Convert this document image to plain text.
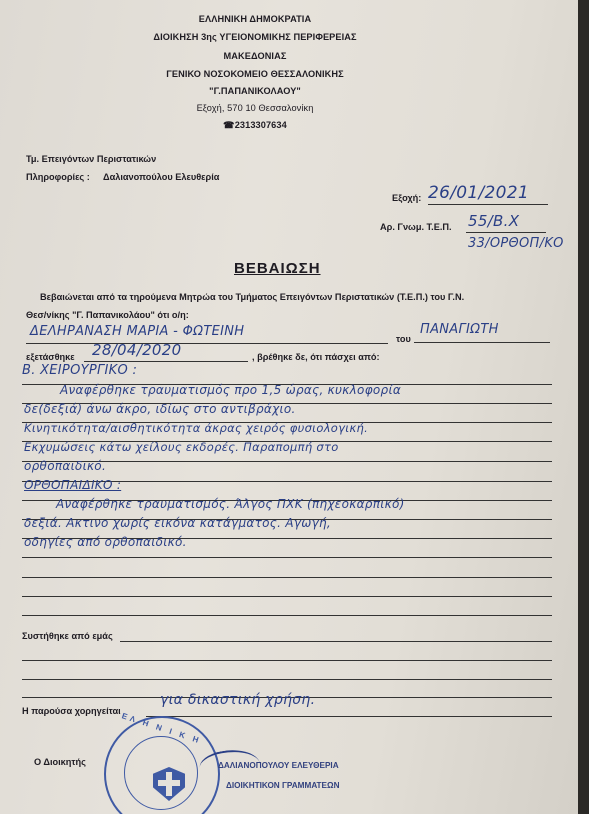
ΕΛΛΗΝΙΚΗ ΔΗΜΟΚΡΑΤΙΑ
ΔΙΟΙΚΗΣΗ 3ης ΥΓΕΙΟΝΟΜΙΚΗΣ ΠΕΡΙΦΕΡΕΙΑΣ
ΜΑΚΕΔΟΝΙΑΣ
ΓΕΝΙΚΟ ΝΟΣΟΚΟΜΕΙΟ ΘΕΣΣΑΛΟΝΙΚΗΣ
"Γ.ΠΑΠΑΝΙΚΟΛΑΟΥ"
Εξοχή, 570 10 Θεσσαλονίκη
☎2313307634
Τμ. Επειγόντων Περιστατικών
Πληροφορίες : Δαλιανοπούλου Ελευθερία
Εξοχή: 26/01/2021
Αρ. Γνωμ. Τ.Ε.Π. 55/Β.Χ
33/ΟΡΘΟΠ/ΚΟ
ΒΕΒΑΙΩΣΗ
Βεβαιώνεται από τα τηρούμενα Μητρώα του Τμήματος Επειγόντων Περιστατικών (Τ.Ε.Π.) του Γ.Ν.
Θεσ/νίκης "Γ. Παπανικολάου" ότι ο/η:
ΔΕΛΗΡΑΝΑΣΗ ΜΑΡΙΑ - ΦΩΤΕΙΝΗ	του
ΠΑΝΑΓΙΩΤΗ
εξετάσθηκε 28/04/2020	, βρέθηκε δε, ότι πάσχει από:
Β. ΧΕΙΡΟΥΡΓΙΚΟ :
Αναφέρθηκε τραυματισμός προ 1,5 ώρας, κυκλοφορία
δε(δεξιά) άνω άκρο, ιδίως στο αντιβράχιο.
Κινητικότητα/αισθητικότητα άκρας χειρός φυσιολογική.
Εκχυμώσεις κάτω χείλους εκδορές. Παραπομπή στο
ορθοπαιδικό.
ΟΡΘΟΠΑΙΔΙΚΟ :
Αναφέρθηκε τραυματισμός. Άλγος ΠΧΚ (πηχεοκαρπικό)
δεξιά. Ακτινο χωρίς εικόνα κατάγματος. Αγωγή,
οδηγίες από ορθοπαιδικό.
Συστήθηκε από εμάς
Η παρούσα χορηγείται
για δικαστική χρήση.
Ο Διοικητής
ΕΛ Η Ν Ι Κ Η
ΔΑΛΙΑΝΟΠΟΥΛΟΥ ΕΛΕΥΘΕΡΙΑ
ΔΙΟΙΚΗΤΙΚΟΝ ΓΡΑΜΜΑΤΕΩΝ
